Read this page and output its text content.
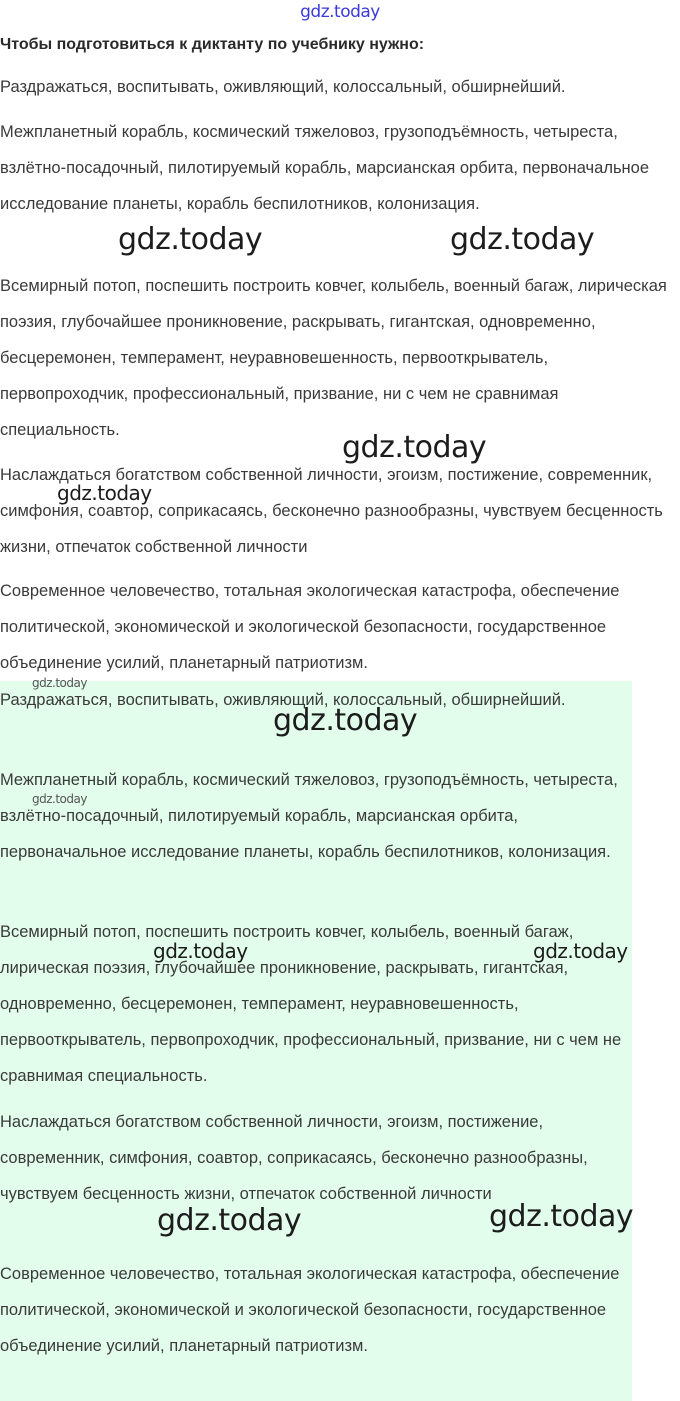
gdz.today
Чтобы подготовиться к диктанту по учебнику нужно:

Раздражаться, воспитывать, оживляющий, колоссальный, обширнейший.

Межпланетный корабль, космический тяжеловоз, грузоподъёмность, четыреста, взлётно-посадочный, пилотируемый корабль, марсианская орбита, первоначальное исследование планеты, корабль беспилотников, колонизация.

Всемирный потоп, поспешить построить ковчег, колыбель, военный багаж, лирическая поэзия, глубочайшее проникновение, раскрывать, гигантская, одновременно, бесцеремонен, темперамент, неуравновешенность, первооткрыватель, первопроходчик, профессиональный, призвание, ни с чем не сравнимая специальность.

Наслаждаться богатством собственной личности, эгоизм, постижение, современник, симфония, соавтор, соприкасаясь, бесконечно разнообразны, чувствуем бесценность жизни, отпечаток собственной личности

Современное человечество, тотальная экологическая катастрофа, обеспечение политической, экономической и экологической безопасности, государственное объединение усилий, планетарный патриотизм.

Раздражаться, воспитывать, оживляющий, колоссальный, обширнейший.

Межпланетный корабль, космический тяжеловоз, грузоподъёмность, четыреста, взлётно-посадочный, пилотируемый корабль, марсианская орбита, первоначальное исследование планеты, корабль беспилотников, колонизация.

Всемирный потоп, поспешить построить ковчег, колыбель, военный багаж, лирическая поэзия, глубочайшее проникновение, раскрывать, гигантская, одновременно, бесцеремонен, темперамент, неуравновешенность, первооткрыватель, первопроходчик, профессиональный, призвание, ни с чем не сравнимая специальность.

Наслаждаться богатством собственной личности, эгоизм, постижение, современник, симфония, соавтор, соприкасаясь, бесконечно разнообразны, чувствуем бесценность жизни, отпечаток собственной личности

Современное человечество, тотальная экологическая катастрофа, обеспечение политической, экономической и экологической безопасности, государственное объединение усилий, планетарный патриотизм.

gdz.today	gdz.today
gdz.today
gdz.today
gdz.today
gdz.today
gdz.today
gdz.today	gdz.today
gdz.today	gdz.today
